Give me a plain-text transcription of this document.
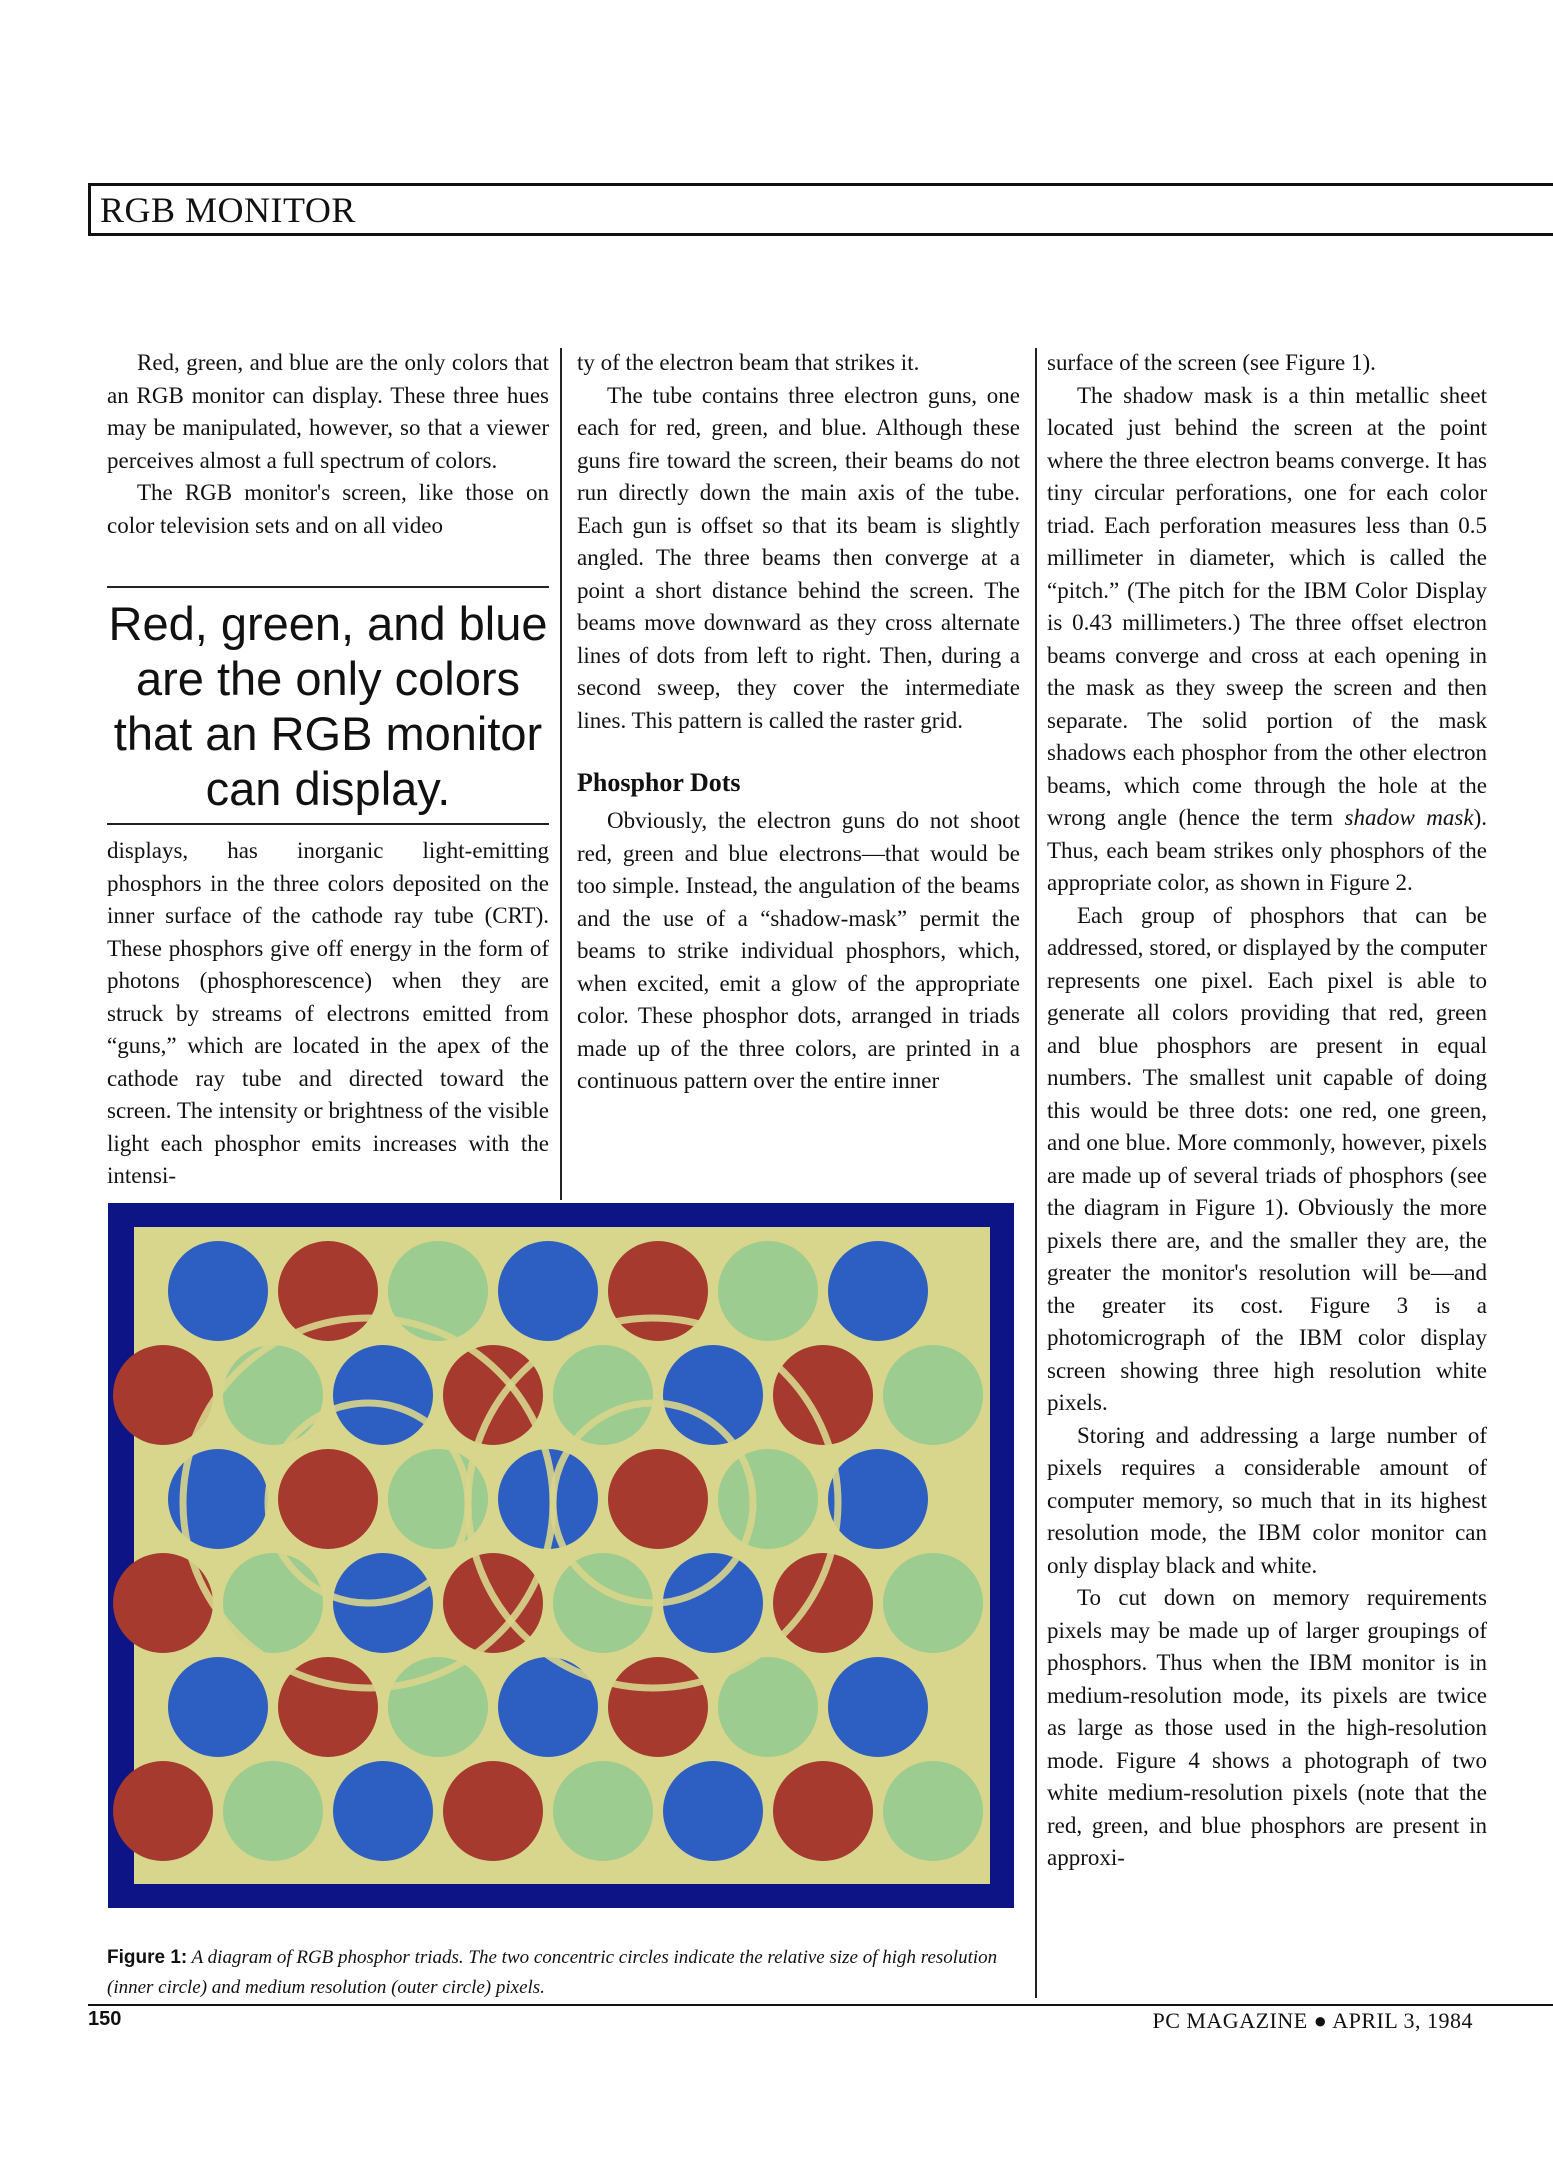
RGB MONITOR

Red, green, and blue are the only colors that an RGB monitor can display. These three hues may be manipulated, however, so that a viewer perceives almost a full spectrum of colors.

The RGB monitor's screen, like those on color television sets and on all video

Red, green, and blue are the only colors that an RGB monitor can display.

displays, has inorganic light-emitting phosphors in the three colors deposited on the inner surface of the cathode ray tube (CRT). These phosphors give off energy in the form of photons (phosphorescence) when they are struck by streams of electrons emitted from “guns,” which are located in the apex of the cathode ray tube and directed toward the screen. The intensity or brightness of the visible light each phosphor emits increases with the intensi-

ty of the electron beam that strikes it.

The tube contains three electron guns, one each for red, green, and blue. Although these guns fire toward the screen, their beams do not run directly down the main axis of the tube. Each gun is offset so that its beam is slightly angled. The three beams then converge at a point a short distance behind the screen. The beams move downward as they cross alternate lines of dots from left to right. Then, during a second sweep, they cover the intermediate lines. This pattern is called the raster grid.

Phosphor Dots

Obviously, the electron guns do not shoot red, green and blue electrons—that would be too simple. Instead, the angulation of the beams and the use of a “shadow-mask” permit the beams to strike individual phosphors, which, when excited, emit a glow of the appropriate color. These phosphor dots, arranged in triads made up of the three colors, are printed in a continuous pattern over the entire inner

surface of the screen (see Figure 1).

The shadow mask is a thin metallic sheet located just behind the screen at the point where the three electron beams converge. It has tiny circular perforations, one for each color triad. Each perforation measures less than 0.5 millimeter in diameter, which is called the “pitch.” (The pitch for the IBM Color Display is 0.43 millimeters.) The three offset electron beams converge and cross at each opening in the mask as they sweep the screen and then separate. The solid portion of the mask shadows each phosphor from the other electron beams, which come through the hole at the wrong angle (hence the term shadow mask). Thus, each beam strikes only phosphors of the appropriate color, as shown in Figure 2.

Each group of phosphors that can be addressed, stored, or displayed by the computer represents one pixel. Each pixel is able to generate all colors providing that red, green and blue phosphors are present in equal numbers. The smallest unit capable of doing this would be three dots: one red, one green, and one blue. More commonly, however, pixels are made up of several triads of phosphors (see the diagram in Figure 1). Obviously the more pixels there are, and the smaller they are, the greater the monitor's resolution will be—and the greater its cost. Figure 3 is a photomicrograph of the IBM color display screen showing three high resolution white pixels.

Storing and addressing a large number of pixels requires a considerable amount of computer memory, so much that in its highest resolution mode, the IBM color monitor can only display black and white.

To cut down on memory requirements pixels may be made up of larger groupings of phosphors. Thus when the IBM monitor is in medium-resolution mode, its pixels are twice as large as those used in the high-resolution mode. Figure 4 shows a photograph of two white medium-resolution pixels (note that the red, green, and blue phosphors are present in approxi-

Figure 1: A diagram of RGB phosphor triads. The two concentric circles indicate the relative size of high resolution (inner circle) and medium resolution (outer circle) pixels.
150	PC MAGAZINE ● APRIL 3, 1984
